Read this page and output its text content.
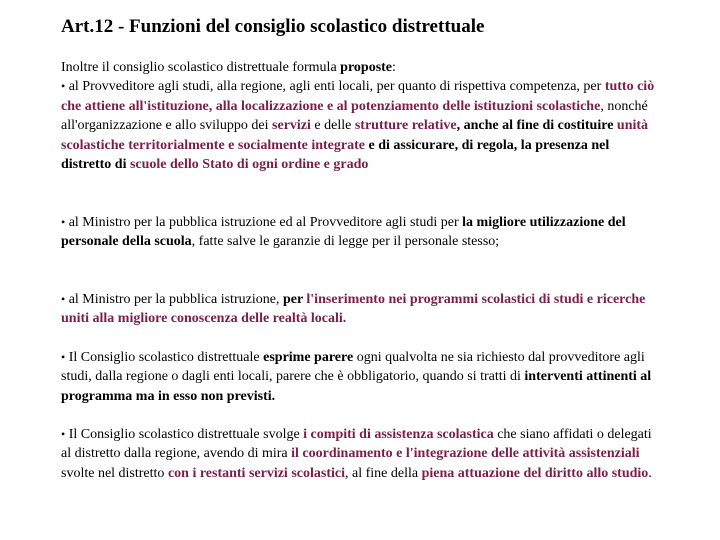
Art.12 - Funzioni del consiglio scolastico distrettuale

Inoltre il consiglio scolastico distrettuale formula proposte:
• al Provveditore agli studi, alla regione, agli enti locali, per quanto di rispettiva competenza, per tutto ciò che attiene all'istituzione, alla localizzazione e al potenziamento delle istituzioni scolastiche, nonché all'organizzazione e allo sviluppo dei servizi e delle strutture relative, anche al fine di costituire unità scolastiche territorialmente e socialmente integrate e di assicurare, di regola, la presenza nel distretto di scuole dello Stato di ogni ordine e grado

• al Ministro per la pubblica istruzione ed al Provveditore agli studi per la migliore utilizzazione del personale della scuola, fatte salve le garanzie di legge per il personale stesso;

• al Ministro per la pubblica istruzione, per l'inserimento nei programmi scolastici di studi e ricerche uniti alla migliore conoscenza delle realtà locali.

• Il Consiglio scolastico distrettuale esprime parere ogni qualvolta ne sia richiesto dal provveditore agli studi, dalla regione o dagli enti locali, parere che è obbligatorio, quando si tratti di interventi attinenti al programma ma in esso non previsti.

• Il Consiglio scolastico distrettuale svolge i compiti di assistenza scolastica che siano affidati o delegati al distretto dalla regione, avendo di mira il coordinamento e l'integrazione delle attività assistenziali svolte nel distretto con i restanti servizi scolastici, al fine della piena attuazione del diritto allo studio.
